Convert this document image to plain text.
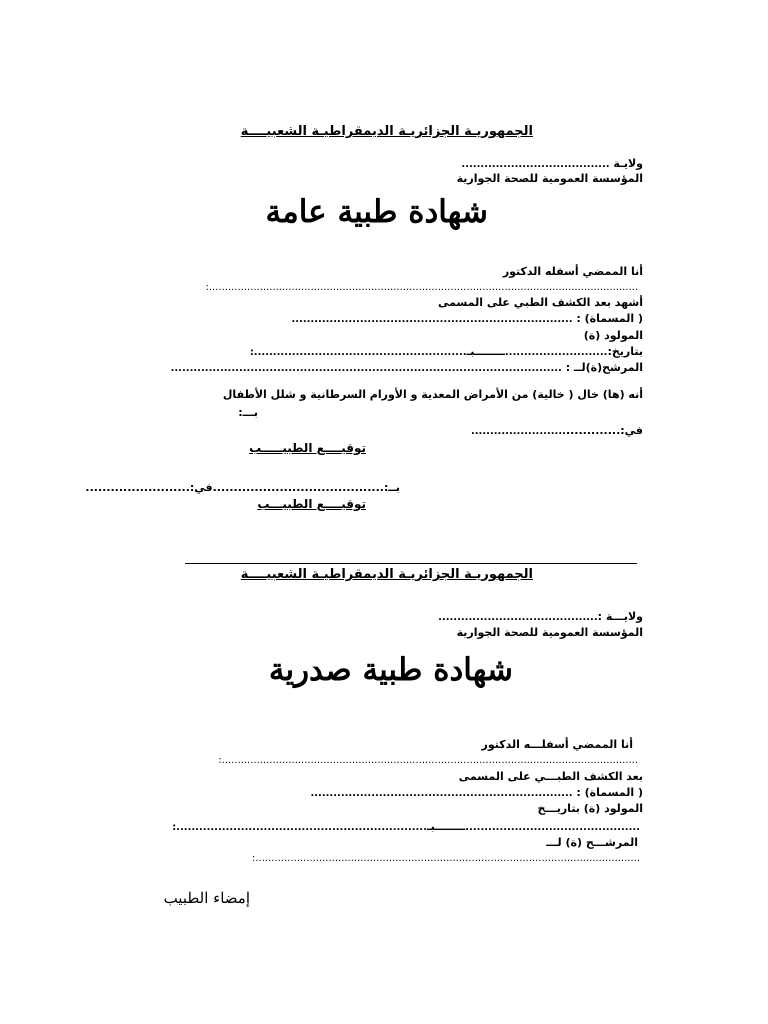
الجمهوريـة الجزائريـة الديمقراطيـة الشعبيــــة
ولايـة .......................................
المؤسسة العمومية للصحة الجوارية
شهادة طبية عامة
أنا الممضي أسفله الدكتور
.......................................................................................................................................:
أشهد بعد الكشف الطبي على المسمى
( المسماة) : ..........................................................................
المولود (ة)
بتاريخ:...........................ــــــــبـ........................................................:
المرشح(ة)لــ : .......................................................................................................
أنه (ها) خال ( خالية) من الأمراض المعدية و الأورام السرطانية و شلل الأطفال
بـــ:
في:......................................
توقيــــع الطبيـــــب
بــ:.........................................في:.........................
توقيــــع الطبيـــب
الجمهوريـة الجزائريـة الديمقراطيـة الشعبيــــة
ولايـــة :..........................................
المؤسسة العمومية للصحة الجوارية
شهادة طبية صدرية
أنا الممضي أسفلـــه الدكتور
...................................................................................................................................:
بعد الكشف الطبـــي على المسمى
( المسماة) : .....................................................................
المولود (ة) بتاريـــخ
..............................................ــــــــبـ..................................................................:
المرشـــح (ة) لـــ
.........................................................................................................................:
إمضاء الطبيب
